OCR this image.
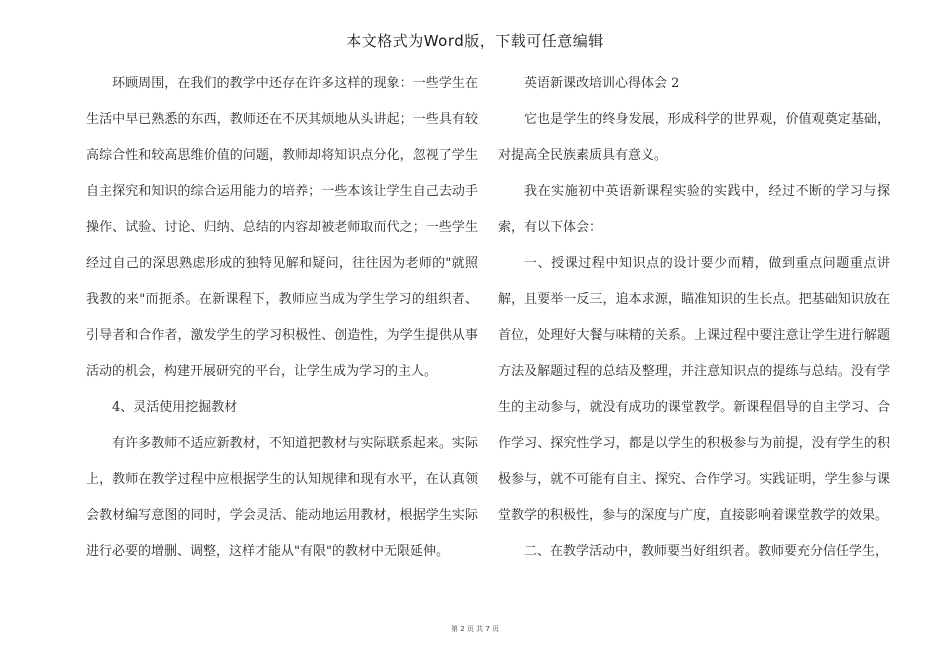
本文格式为Word版，下载可任意编辑

环顾周围，在我们的教学中还存在许多这样的现象：一些学生在生活中早已熟悉的东西，教师还在不厌其烦地从头讲起；一些具有较高综合性和较高思维价值的问题，教师却将知识点分化，忽视了学生自主探究和知识的综合运用能力的培养；一些本该让学生自己去动手操作、试验、讨论、归纳、总结的内容却被老师取而代之；一些学生经过自己的深思熟虑形成的独特见解和疑问，往往因为老师的"就照我教的来"而扼杀。在新课程下，教师应当成为学生学习的组织者、引导者和合作者，激发学生的学习积极性、创造性，为学生提供从事活动的机会，构建开展研究的平台，让学生成为学习的主人。

4、灵活使用挖掘教材

有许多教师不适应新教材，不知道把教材与实际联系起来。实际上，教师在教学过程中应根据学生的认知规律和现有水平，在认真领会教材编写意图的同时，学会灵活、能动地运用教材，根据学生实际进行必要的增删、调整，这样才能从"有限"的教材中无限延伸。

英语新课改培训心得体会 2

它也是学生的终身发展，形成科学的世界观，价值观奠定基础，对提高全民族素质具有意义。

我在实施初中英语新课程实验的实践中，经过不断的学习与探索，有以下体会：

一、授课过程中知识点的设计要少而精，做到重点问题重点讲解，且要举一反三，追本求源，瞄准知识的生长点。把基础知识放在首位，处理好大餐与味精的关系。上课过程中要注意让学生进行解题方法及解题过程的总结及整理，并注意知识点的提练与总结。没有学生的主动参与，就没有成功的课堂教学。新课程倡导的自主学习、合作学习、探究性学习，都是以学生的积极参与为前提，没有学生的积极参与，就不可能有自主、探究、合作学习。实践证明，学生参与课堂教学的积极性，参与的深度与广度，直接影响着课堂教学的效果。

二、在教学活动中，教师要当好组织者。教师要充分信任学生，

第 2 页 共 7 页
